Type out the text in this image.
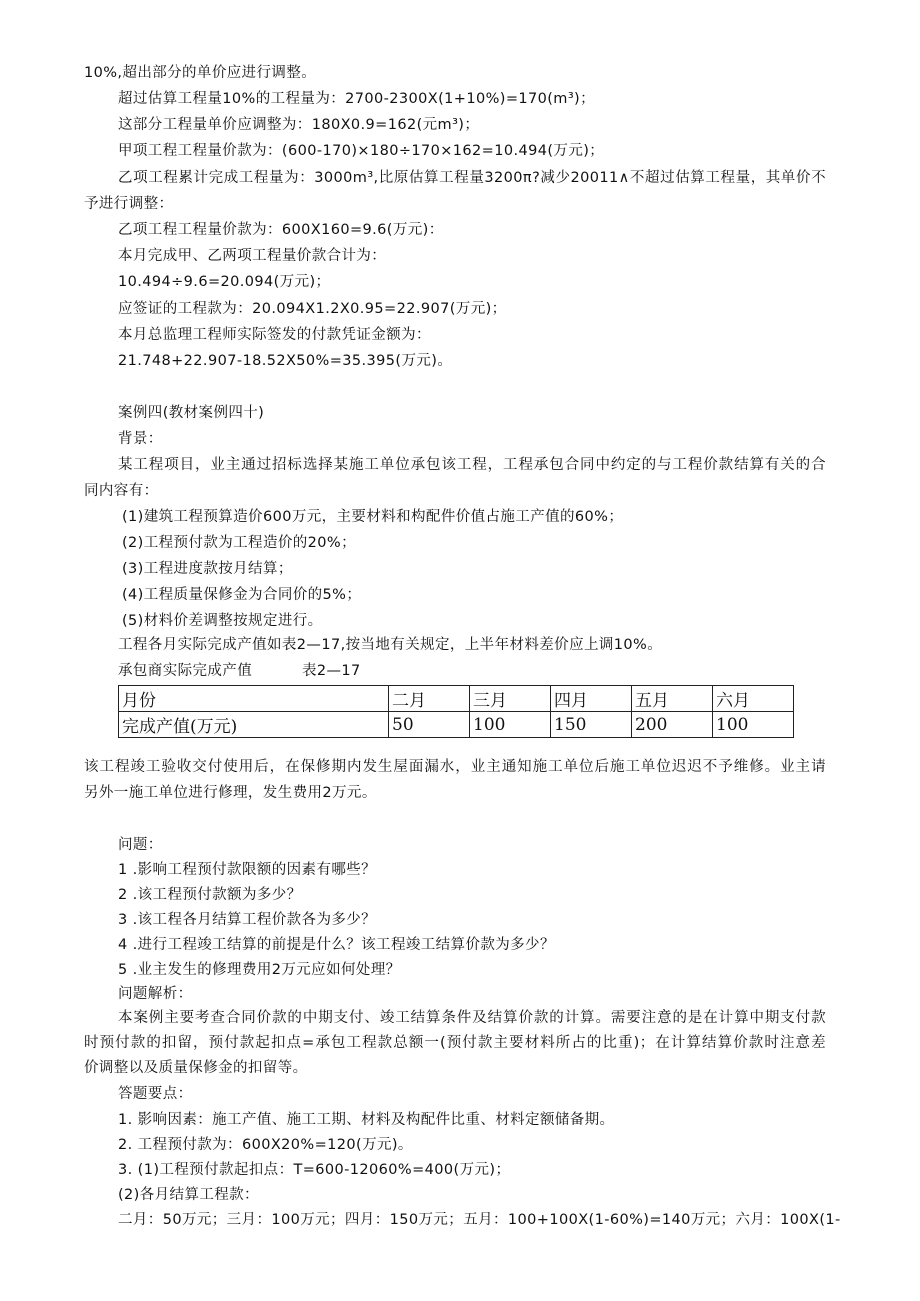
10%,超出部分的单价应进行调整。
超过估算工程量10%的工程量为：2700-2300X(1+10%)=170(m³)；
这部分工程量单价应调整为：180X0.9=162(元m³)；
甲项工程工程量价款为：(600-170)×180÷170×162=10.494(万元)；
乙项工程累计完成工程量为：3000m³,比原估算工程量3200π?减少20011∧不超过估算工程量，其单价不
予进行调整：
乙项工程工程量价款为：600X160=9.6(万元)：
本月完成甲、乙两项工程量价款合计为：
10.494÷9.6=20.094(万元)；
应签证的工程款为：20.094X1.2X0.95=22.907(万元)；
本月总监理工程师实际签发的付款凭证金额为：
21.748+22.907-18.52X50%=35.395(万元)。
案例四(教材案例四十)
背景：
某工程项目，业主通过招标选择某施工单位承包该工程，工程承包合同中约定的与工程价款结算有关的合
同内容有：
(1)建筑工程预算造价600万元，主要材料和构配件价值占施工产值的60%；
(2)工程预付款为工程造价的20%；
(3)工程进度款按月结算；
(4)工程质量保修金为合同价的5%；
(5)材料价差调整按规定进行。
工程各月实际完成产值如表2—17,按当地有关规定，上半年材料差价应上调10%。
承包商实际完成产值	表2—17
月份	二月	三月	四月	五月	六月
完成产值(万元)	50	100	150	200	100
该工程竣工验收交付使用后，在保修期内发生屋面漏水，业主通知施工单位后施工单位迟迟不予维修。业主请
另外一施工单位进行修理，发生费用2万元。
问题：
1 .影响工程预付款限额的因素有哪些？
2 .该工程预付款额为多少？
3 .该工程各月结算工程价款各为多少？
4 .进行工程竣工结算的前提是什么？该工程竣工结算价款为多少？
5 .业主发生的修理费用2万元应如何处理？
问题解析：
本案例主要考查合同价款的中期支付、竣工结算条件及结算价款的计算。需要注意的是在计算中期支付款
时预付款的扣留，预付款起扣点=承包工程款总额一(预付款主要材料所占的比重)；在计算结算价款时注意差
价调整以及质量保修金的扣留等。
答题要点：
1. 影响因素：施工产值、施工工期、材料及构配件比重、材料定额储备期。
2. 工程预付款为：600X20%=120(万元)。
3. (1)工程预付款起扣点：T=600-12060%=400(万元)；
(2)各月结算工程款：
二月：50万元；三月：100万元；四月：150万元；五月：100+100X(1-60%)=140万元；六月：100X(1-
